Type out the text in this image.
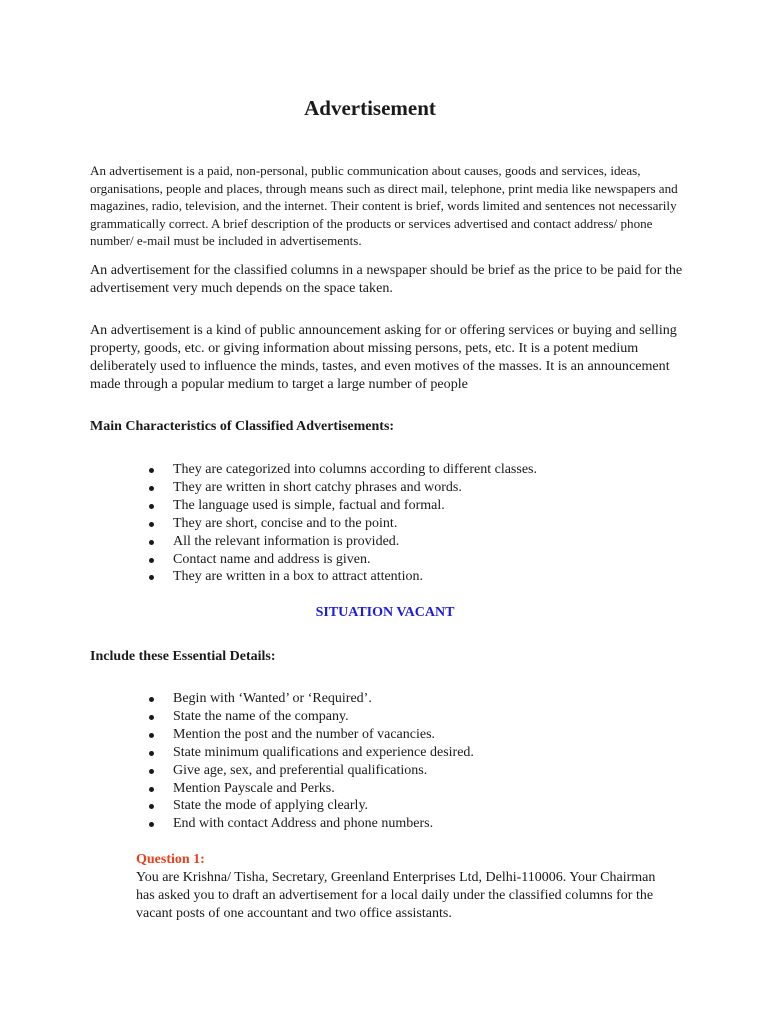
Advertisement

An advertisement is a paid, non-personal, public communication about causes, goods and services, ideas, organisations, people and places, through means such as direct mail, telephone, print media like newspapers and magazines, radio, television, and the internet. Their content is brief, words limited and sentences not necessarily grammatically correct. A brief description of the products or services advertised and contact address/ phone number/ e-mail must be included in advertisements.

An advertisement for the classified columns in a newspaper should be brief as the price to be paid for the advertisement very much depends on the space taken.

An advertisement is a kind of public announcement asking for or offering services or buying and selling property, goods, etc. or giving information about missing persons, pets, etc. It is a potent medium deliberately used to influence the minds, tastes, and even motives of the masses. It is an announcement made through a popular medium to target a large number of people

Main Characteristics of Classified Advertisements:
They are categorized into columns according to different classes.
They are written in short catchy phrases and words.
The language used is simple, factual and formal.
They are short, concise and to the point.
All the relevant information is provided.
Contact name and address is given.
They are written in a box to attract attention.
SITUATION VACANT
Include these Essential Details:
Begin with ‘Wanted’ or ‘Required’.
State the name of the company.
Mention the post and the number of vacancies.
State minimum qualifications and experience desired.
Give age, sex, and preferential qualifications.
Mention Payscale and Perks.
State the mode of applying clearly.
End with contact Address and phone numbers.

Question 1:

You are Krishna/ Tisha, Secretary, Greenland Enterprises Ltd, Delhi-110006. Your Chairman has asked you to draft an advertisement for a local daily under the classified columns for the vacant posts of one accountant and two office assistants.
